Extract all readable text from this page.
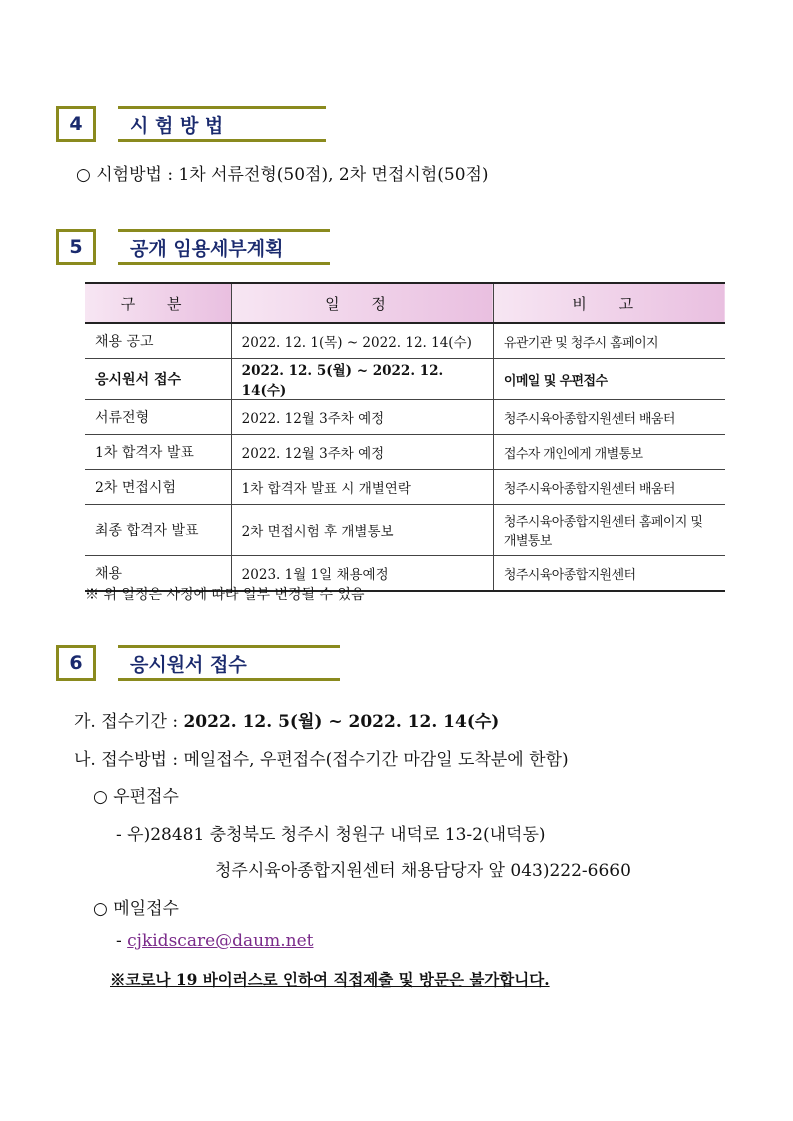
4	시 험 방 법
○ 시험방법 : 1차 서류전형(50점), 2차 면접시험(50점)
5	공개 임용세부계획
구 분	일 정	비 고
채용 공고	2022. 12. 1(목) ~ 2022. 12. 14(수)	유관기관 및 청주시 홈페이지
응시원서 접수	2022. 12. 5(월) ~ 2022. 12. 14(수)	이메일 및 우편접수
서류전형	2022. 12월 3주차 예정	청주시육아종합지원센터 배움터
1차 합격자 발표	2022. 12월 3주차 예정	접수자 개인에게 개별통보
2차 면접시험	1차 합격자 발표 시 개별연락	청주시육아종합지원센터 배움터
최종 합격자 발표	2차 면접시험 후 개별통보	청주시육아종합지원센터 홈페이지 및 개별통보
채용	2023. 1월 1일 채용예정	청주시육아종합지원센터
※ 위 일정은 사정에 따라 일부 변경될 수 있음
6	응시원서 접수
가. 접수기간 : 2022. 12. 5(월) ~ 2022. 12. 14(수)
나. 접수방법 : 메일접수, 우편접수(접수기간 마감일 도착분에 한함)
○ 우편접수
- 우)28481 충청북도 청주시 청원구 내덕로 13-2(내덕동)
청주시육아종합지원센터 채용담당자 앞 043)222-6660
○ 메일접수
- cjkidscare@daum.net
※코로나 19 바이러스로 인하여 직접제출 및 방문은 불가합니다.
